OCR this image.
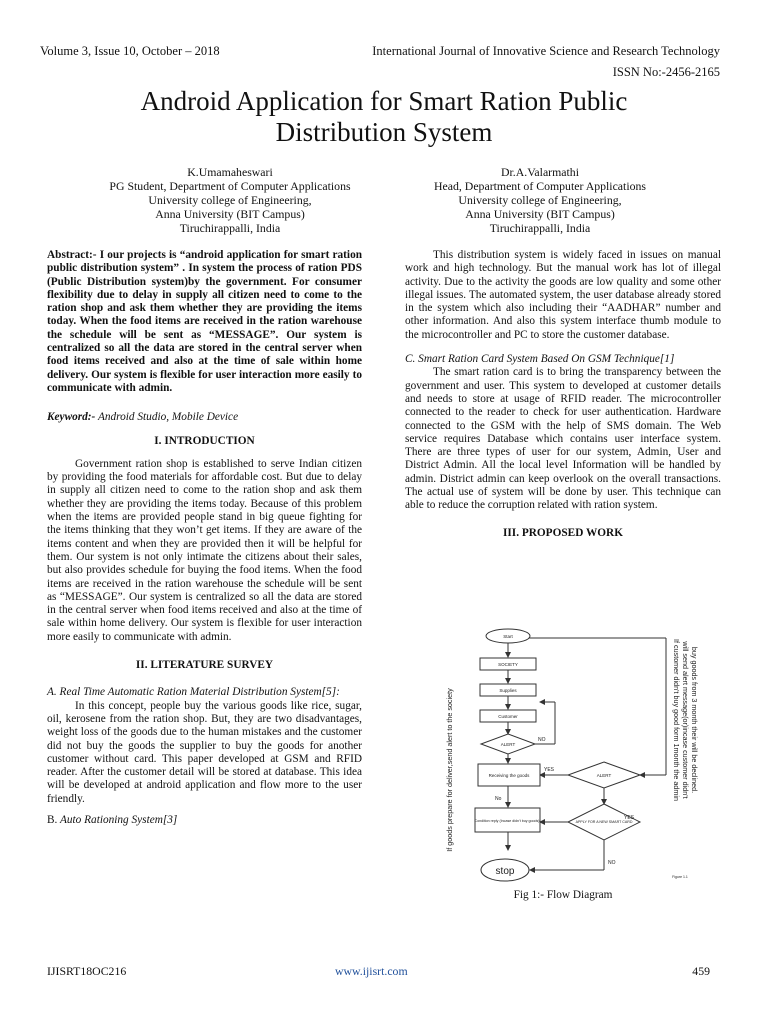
Volume 3, Issue 10, October – 2018	International Journal of Innovative Science and Research Technology
ISSN No:-2456-2165
Android Application for Smart Ration Public
Distribution System
K.Umamaheswari
PG Student, Department of Computer Applications
University college of Engineering,
Anna University (BIT Campus)
Tiruchirappalli, India
Dr.A.Valarmathi
Head, Department of Computer Applications
University college of Engineering,
Anna University (BIT Campus)
Tiruchirappalli, India

Abstract:- I our projects is “android application for smart ration public distribution system” . In system the process of ration PDS (Public Distribution system)by the government. For consumer flexibility due to delay in supply all citizen need to come to the ration shop and ask them whether they are providing the items today. When the food items are received in the ration warehouse the schedule will be sent as “MESSAGE”. Our system is centralized so all the data are stored in the central server when food items received and also at the time of sale within home delivery. Our system is flexible for user interaction more easily to communicate with admin.

Keyword:- Android Studio, Mobile Device

I. INTRODUCTION

Government ration shop is established to serve Indian citizen by providing the food materials for affordable cost. But due to delay in supply all citizen need to come to the ration shop and ask them whether they are providing the items today. Because of this problem when the items are provided people stand in big queue fighting for the items thinking that they won’t get items. If they are aware of the items content and when they are provided then it will be helpful for them. Our system is not only intimate the citizens about their sales, but also provides schedule for buying the food items. When the food items are received in the ration warehouse the schedule will be sent as “MESSAGE”. Our system is centralized so all the data are stored in the central server when food items received and also at the time of sale within home delivery. Our system is flexible for user interaction more easily to communicate with admin.

II. LITERATURE SURVEY

A. Real Time Automatic Ration Material Distribution System[5]:

In this concept, people buy the various goods like rice, sugar, oil, kerosene from the ration shop. But, they are two disadvantages, weight loss of the goods due to the human mistakes and the customer did not buy the goods the supplier to buy the goods for another customer without card. This paper developed at GSM and RFID reader. After the customer detail will be stored at database. This idea will be developed at android application and flow more to the user friendly.

B. Auto Rationing System[3]

This distribution system is widely faced in issues on manual work and high technology. But the manual work has lot of illegal activity. Due to the activity the goods are low quality and some other illegal issues. The automated system, the user database already stored in the system which also including their “AADHAR” number and other information. And also this system interface thumb module to the microcontroller and PC to store the customer database.

C. Smart Ration Card System Based On GSM Technique[1]

The smart ration card is to bring the transparency between the government and user. This system to developed at customer details and needs to store at usage of RFID reader. The microcontroller connected to the reader to check for user authentication. Hardware connected to the GSM with the help of SMS domain. The Web service requires Database which contains user interface system. There are three types of user for our system, Admin, User and District Admin. All the local level Information will be handled by admin. District admin can keep overlook on the overall transactions. The actual use of system will be done by user. This technique can able to reduce the corruption related with ration system.

III. PROPOSED WORK

Start
SOCIETY
Supplies
Customer
ALERT
Receiving the goods	ALERT
Condition reply (Incase didn't buy goods)	APPLY FOR A NEW SMART CARD
stop	Figure 1.1
NO
YES
No
YES
NO
If goods prepare for deliver,send alert to the society	If customer didn't buy good form 1month the admin will send alert message(or)incase customer didn't buy goods from 3 month their will be declined.
Fig 1:- Flow Diagram
IJISRT18OC216	www.ijisrt.com	459
